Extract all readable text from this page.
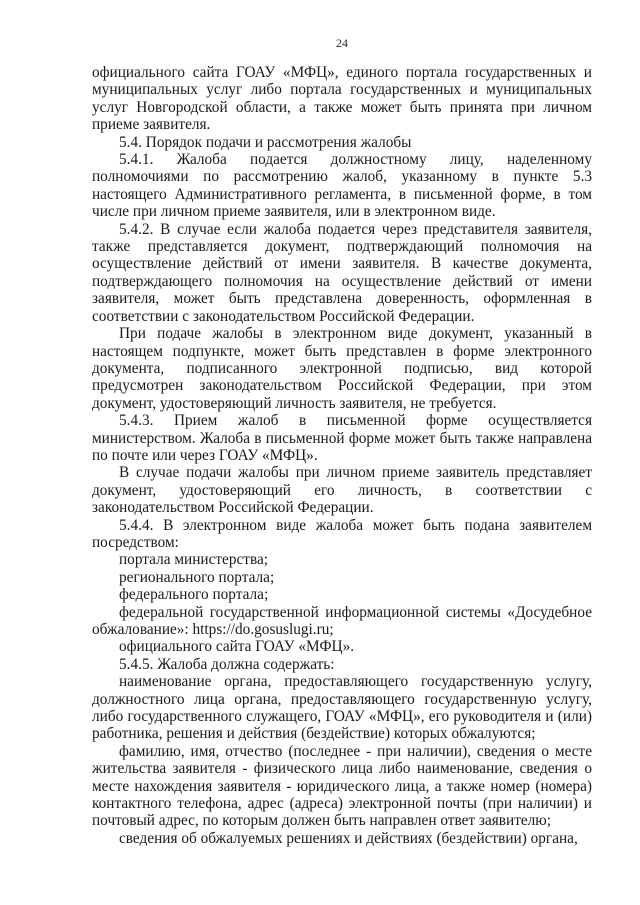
24

официального сайта ГОАУ «МФЦ», единого портала государственных и муниципальных услуг либо портала государственных и муниципальных услуг Новгородской области, а также может быть принята при личном приеме заявителя.

5.4. Порядок подачи и рассмотрения жалобы

5.4.1. Жалоба подается должностному лицу, наделенному полномочиями по рассмотрению жалоб, указанному в пункте 5.3 настоящего Административного регламента, в письменной форме, в том числе при личном приеме заявителя, или в электронном виде.

5.4.2. В случае если жалоба подается через представителя заявителя, также представляется документ, подтверждающий полномочия на осуществление действий от имени заявителя. В качестве документа, подтверждающего полномочия на осуществление действий от имени заявителя, может быть представлена доверенность, оформленная в соответствии с законодательством Российской Федерации.

При подаче жалобы в электронном виде документ, указанный в настоящем подпункте, может быть представлен в форме электронного документа, подписанного электронной подписью, вид которой предусмотрен законодательством Российской Федерации, при этом документ, удостоверяющий личность заявителя, не требуется.

5.4.3. Прием жалоб в письменной форме осуществляется министерством. Жалоба в письменной форме может быть также направлена по почте или через ГОАУ «МФЦ».

В случае подачи жалобы при личном приеме заявитель представляет документ, удостоверяющий его личность, в соответствии с законодательством Российской Федерации.

5.4.4. В электронном виде жалоба может быть подана заявителем посредством:

портала министерства;

регионального портала;

федерального портала;

федеральной государственной информационной системы «Досудебное обжалование»: https://do.gosuslugi.ru;

официального сайта ГОАУ «МФЦ».

5.4.5. Жалоба должна содержать:

наименование органа, предоставляющего государственную услугу, должностного лица органа, предоставляющего государственную услугу, либо государственного служащего, ГОАУ «МФЦ», его руководителя и (или) работника, решения и действия (бездействие) которых обжалуются;

фамилию, имя, отчество (последнее - при наличии), сведения о месте жительства заявителя - физического лица либо наименование, сведения о месте нахождения заявителя - юридического лица, а также номер (номера) контактного телефона, адрес (адреса) электронной почты (при наличии) и почтовый адрес, по которым должен быть направлен ответ заявителю;

сведения об обжалуемых решениях и действиях (бездействии) органа,
